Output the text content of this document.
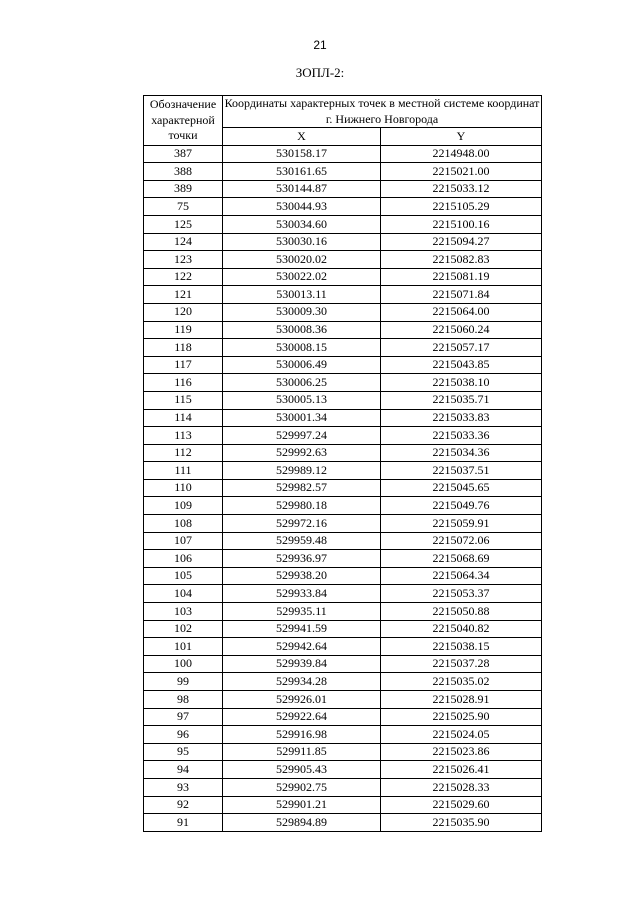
21
ЗОПЛ-2:
Обозначение характерной точки	Координаты характерных точек в местной системе координат г. Нижнего Новгорода	
	X	Y
387	530158.17	2214948.00
388	530161.65	2215021.00
389	530144.87	2215033.12
75	530044.93	2215105.29
125	530034.60	2215100.16
124	530030.16	2215094.27
123	530020.02	2215082.83
122	530022.02	2215081.19
121	530013.11	2215071.84
120	530009.30	2215064.00
119	530008.36	2215060.24
118	530008.15	2215057.17
117	530006.49	2215043.85
116	530006.25	2215038.10
115	530005.13	2215035.71
114	530001.34	2215033.83
113	529997.24	2215033.36
112	529992.63	2215034.36
111	529989.12	2215037.51
110	529982.57	2215045.65
109	529980.18	2215049.76
108	529972.16	2215059.91
107	529959.48	2215072.06
106	529936.97	2215068.69
105	529938.20	2215064.34
104	529933.84	2215053.37
103	529935.11	2215050.88
102	529941.59	2215040.82
101	529942.64	2215038.15
100	529939.84	2215037.28
99	529934.28	2215035.02
98	529926.01	2215028.91
97	529922.64	2215025.90
96	529916.98	2215024.05
95	529911.85	2215023.86
94	529905.43	2215026.41
93	529902.75	2215028.33
92	529901.21	2215029.60
91	529894.89	2215035.90
